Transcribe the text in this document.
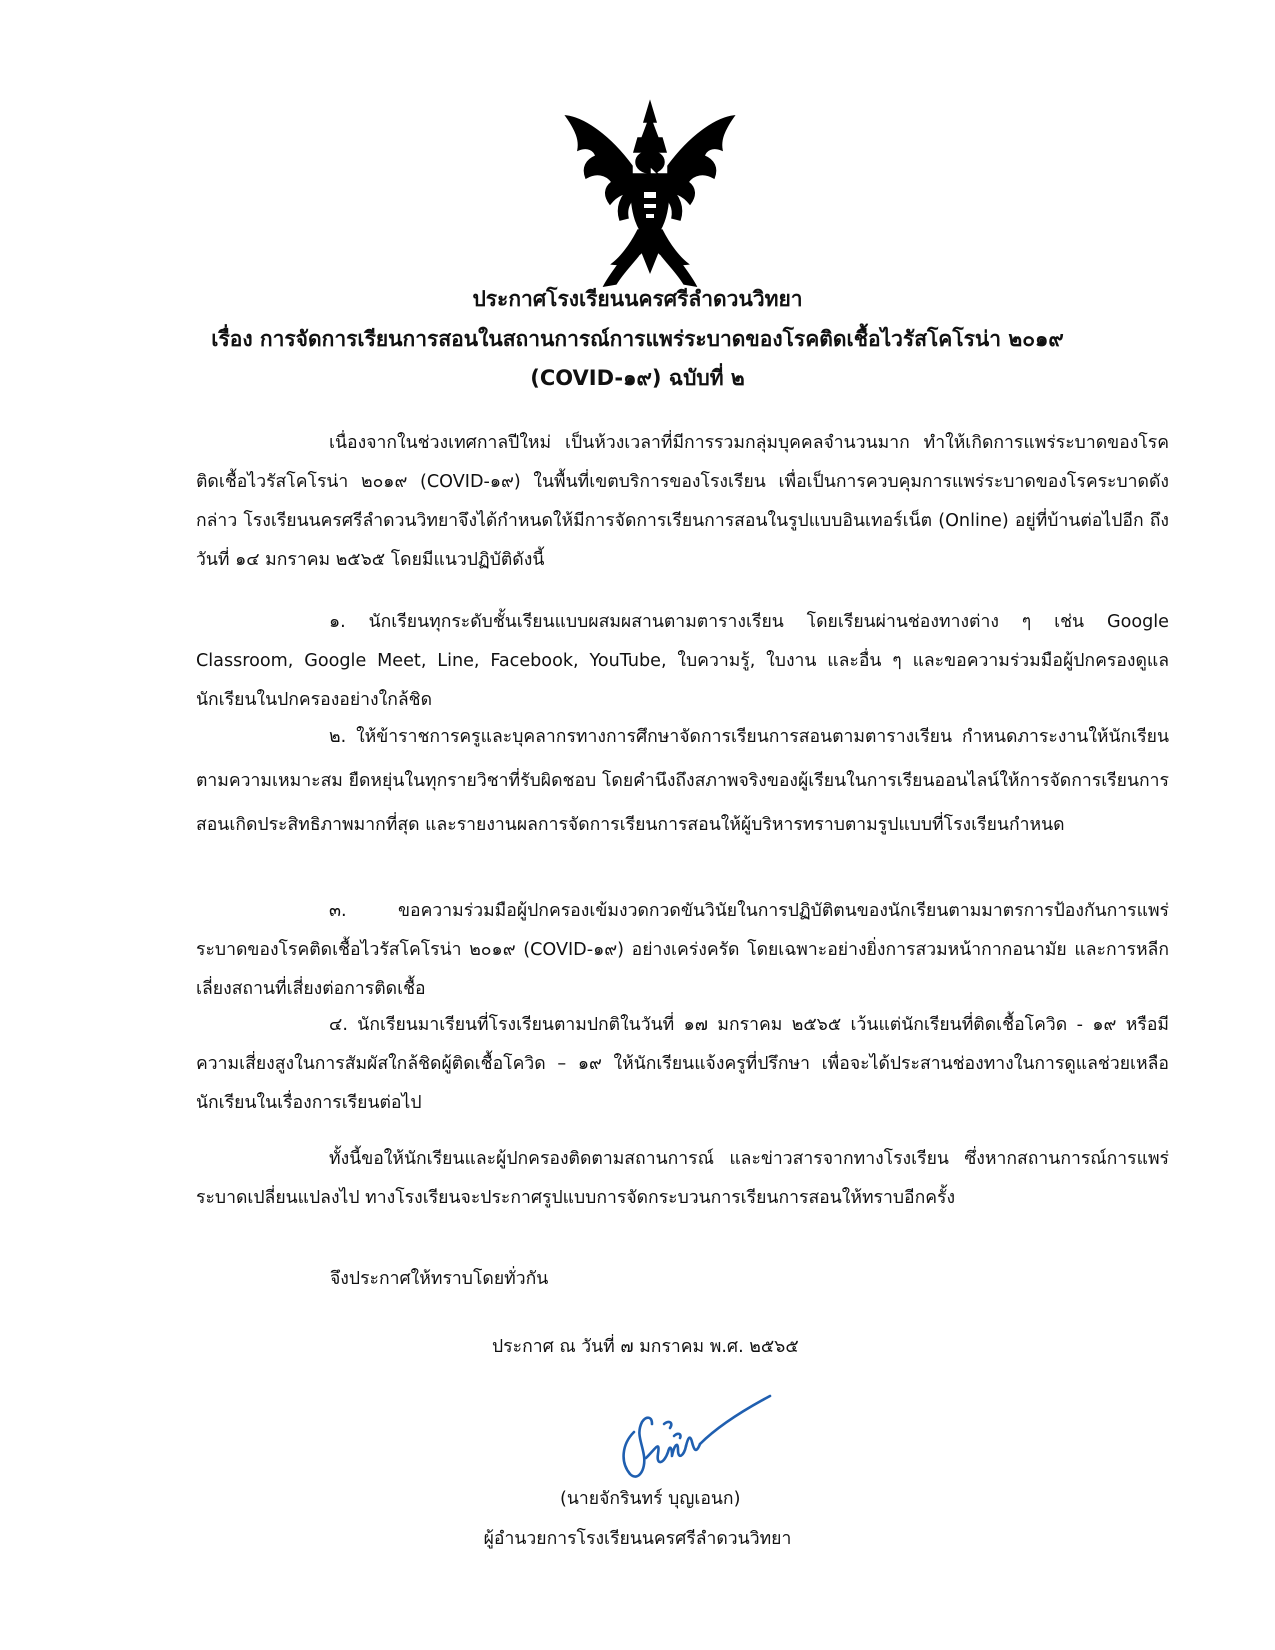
ประกาศโรงเรียนนครศรีลำดวนวิทยา
เรื่อง การจัดการเรียนการสอนในสถานการณ์การแพร่ระบาดของโรคติดเชื้อไวรัสโคโรน่า ๒๐๑๙
(COVID-๑๙) ฉบับที่ ๒
เนื่องจากในช่วงเทศกาลปีใหม่ เป็นห้วงเวลาที่มีการรวมกลุ่มบุคคลจำนวนมาก ทำให้เกิดการแพร่ระบาดของโรคติดเชื้อไวรัสโคโรน่า ๒๐๑๙ (COVID-๑๙) ในพื้นที่เขตบริการของโรงเรียน เพื่อเป็นการควบคุมการแพร่ระบาดของโรคระบาดดังกล่าว โรงเรียนนครศรีลำดวนวิทยาจึงได้กำหนดให้มีการจัดการเรียนการสอนในรูปแบบอินเทอร์เน็ต (Online) อยู่ที่บ้านต่อไปอีก ถึงวันที่ ๑๔ มกราคม ๒๕๖๕ โดยมีแนวปฏิบัติดังนี้
๑. นักเรียนทุกระดับชั้นเรียนแบบผสมผสานตามตารางเรียน โดยเรียนผ่านช่องทางต่าง ๆ เช่น Google Classroom, Google Meet, Line, Facebook, YouTube, ใบความรู้, ใบงาน และอื่น ๆ และขอความร่วมมือผู้ปกครองดูแลนักเรียนในปกครองอย่างใกล้ชิด
๒. ให้ข้าราชการครูและบุคลากรทางการศึกษาจัดการเรียนการสอนตามตารางเรียน กำหนดภาระงานให้นักเรียนตามความเหมาะสม ยืดหยุ่นในทุกรายวิชาที่รับผิดชอบ โดยคำนึงถึงสภาพจริงของผู้เรียนในการเรียนออนไลน์ให้การจัดการเรียนการสอนเกิดประสิทธิภาพมากที่สุด และรายงานผลการจัดการเรียนการสอนให้ผู้บริหารทราบตามรูปแบบที่โรงเรียนกำหนด
๓. ขอความร่วมมือผู้ปกครองเข้มงวดกวดขันวินัยในการปฏิบัติตนของนักเรียนตามมาตรการป้องกันการแพร่ระบาดของโรคติดเชื้อไวรัสโคโรน่า ๒๐๑๙ (COVID-๑๙) อย่างเคร่งครัด โดยเฉพาะอย่างยิ่งการสวมหน้ากากอนามัย และการหลีกเลี่ยงสถานที่เสี่ยงต่อการติดเชื้อ
๔. นักเรียนมาเรียนที่โรงเรียนตามปกติในวันที่ ๑๗ มกราคม ๒๕๖๕ เว้นแต่นักเรียนที่ติดเชื้อโควิด - ๑๙ หรือมีความเสี่ยงสูงในการสัมผัสใกล้ชิดผู้ติดเชื้อโควิด – ๑๙ ให้นักเรียนแจ้งครูที่ปรึกษา เพื่อจะได้ประสานช่องทางในการดูแลช่วยเหลือนักเรียนในเรื่องการเรียนต่อไป
ทั้งนี้ขอให้นักเรียนและผู้ปกครองติดตามสถานการณ์ และข่าวสารจากทางโรงเรียน ซึ่งหากสถานการณ์การแพร่ระบาดเปลี่ยนแปลงไป ทางโรงเรียนจะประกาศรูปแบบการจัดกระบวนการเรียนการสอนให้ทราบอีกครั้ง
จึงประกาศให้ทราบโดยทั่วกัน
ประกาศ ณ วันที่ ๗ มกราคม พ.ศ. ๒๕๖๕
(นายจักรินทร์ บุญเอนก)
ผู้อำนวยการโรงเรียนนครศรีลำดวนวิทยา
